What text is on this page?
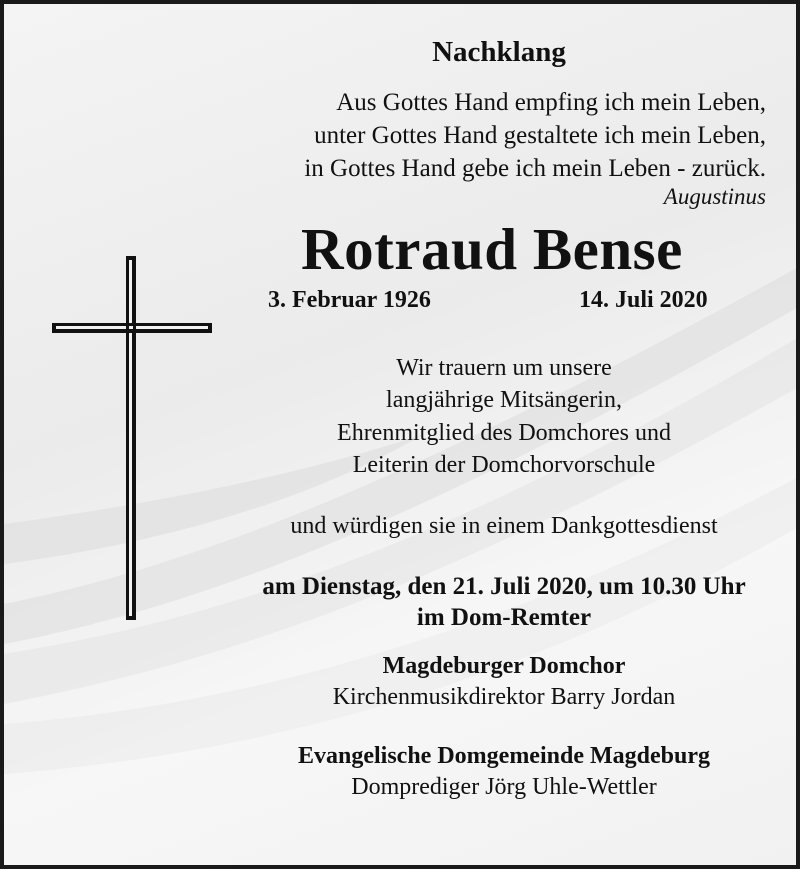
Nachklang
Aus Gottes Hand empfing ich mein Leben,
unter Gottes Hand gestaltete ich mein Leben,
in Gottes Hand gebe ich mein Leben - zurück.
Augustinus
Rotraud Bense
3. Februar 1926	14. Juli 2020
Wir trauern um unsere
langjährige Mitsängerin,
Ehrenmitglied des Domchores und
Leiterin der Domchorvorschule
und würdigen sie in einem Dankgottesdienst
am Dienstag, den 21. Juli 2020, um 10.30 Uhr
im Dom-Remter
Magdeburger Domchor
Kirchenmusikdirektor Barry Jordan
Evangelische Domgemeinde Magdeburg
Domprediger Jörg Uhle-Wettler
